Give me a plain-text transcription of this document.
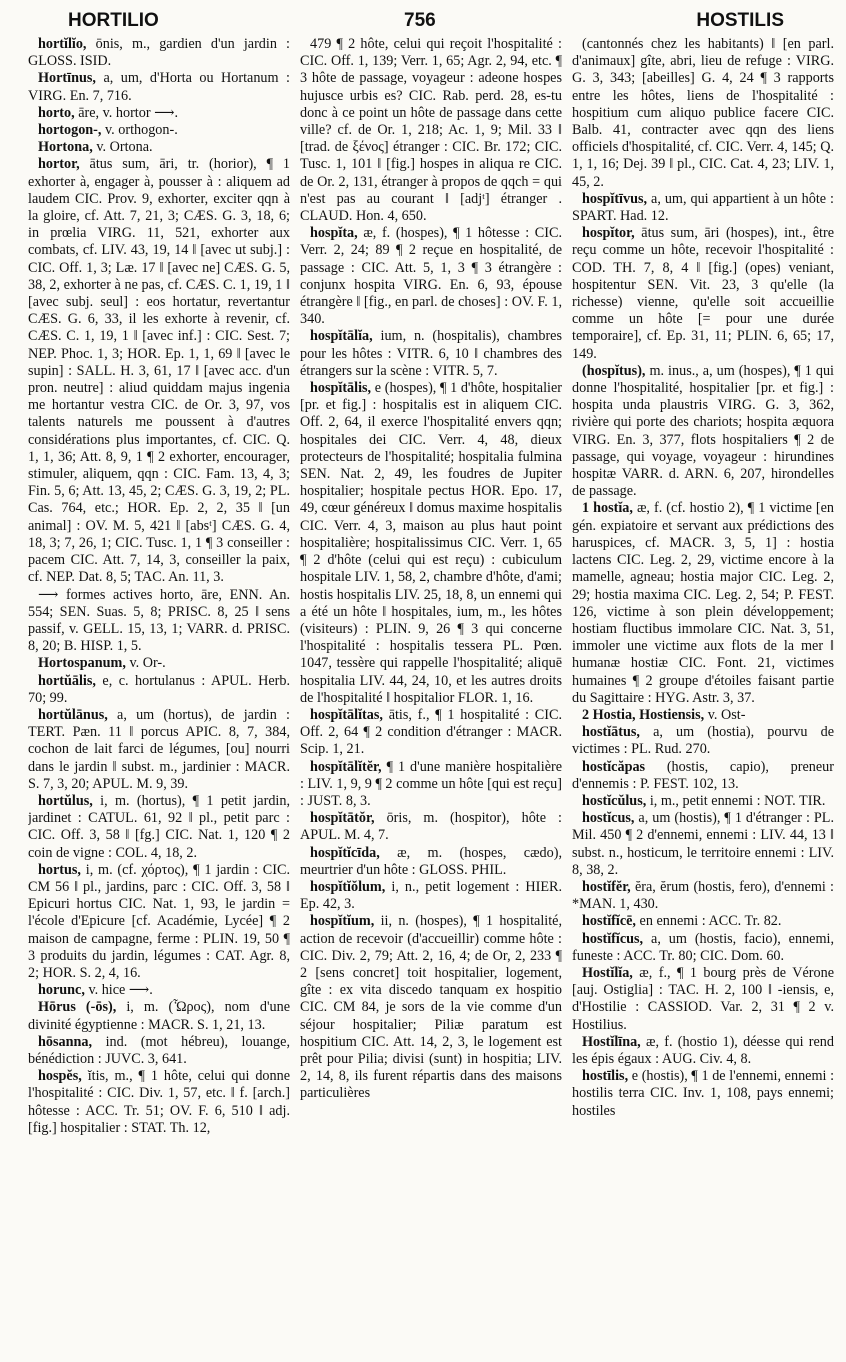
HORTILIO	756	HOSTILIS

hortĭlĭo, ōnis, m., gardien d'un jardin : GLOSS. ISID.

Hortīnus, a, um, d'Horta ou Hortanum : VIRG. En. 7, 716.

horto, āre, v. hortor ⟶.

hortogon-, v. orthogon-.

Hortona, v. Ortona.

hortor, ātus sum, āri, tr. (horior), ¶ 1 exhorter à, engager à, pousser à : aliquem ad laudem CIC. Prov. 9, exhorter, exciter qqn à la gloire, cf. Att. 7, 21, 3; CÆS. G. 3, 18, 6; in prœlia VIRG. 11, 521, exhorter aux combats, cf. LIV. 43, 19, 14 ‖ [avec ut subj.] : CIC. Off. 1, 3; Læ. 17 ‖ [avec ne] CÆS. G. 5, 38, 2, exhorter à ne pas, cf. CÆS. C. 1, 19, 1 ‖ [avec subj. seul] : eos hortatur, revertantur CÆS. G. 6, 33, il les exhorte à revenir, cf. CÆS. C. 1, 19, 1 ‖ [avec inf.] : CIC. Sest. 7; NEP. Phoc. 1, 3; HOR. Ep. 1, 1, 69 ‖ [avec le supin] : SALL. H. 3, 61, 17 ‖ [avec acc. d'un pron. neutre] : aliud quiddam majus ingenia me hortantur vestra CIC. de Or. 3, 97, vos talents naturels me poussent à d'autres considérations plus importantes, cf. CIC. Q. 1, 1, 36; Att. 8, 9, 1 ¶ 2 exhorter, encourager, stimuler, aliquem, qqn : CIC. Fam. 13, 4, 3; Fin. 5, 6; Att. 13, 45, 2; CÆS. G. 3, 19, 2; PL. Cas. 764, etc.; HOR. Ep. 2, 2, 35 ‖ [un animal] : OV. M. 5, 421 ‖ [absᵗ] CÆS. G. 4, 18, 3; 7, 26, 1; CIC. Tusc. 1, 1 ¶ 3 conseiller : pacem CIC. Att. 7, 14, 3, conseiller la paix, cf. NEP. Dat. 8, 5; TAC. An. 11, 3.

⟶ formes actives horto, āre, ENN. An. 554; SEN. Suas. 5, 8; PRISC. 8, 25 ‖ sens passif, v. GELL. 15, 13, 1; VARR. d. PRISC. 8, 20; B. HISP. 1, 5.

Hortospanum, v. Or-.

hortŭālis, e, c. hortulanus : APUL. Herb. 70; 99.

hortŭlānus, a, um (hortus), de jardin : TERT. Pæn. 11 ‖ porcus APIC. 8, 7, 384, cochon de lait farci de légumes, [ou] nourri dans le jardin ‖ subst. m., jardinier : MACR. S. 7, 3, 20; APUL. M. 9, 39.

hortŭlus, i, m. (hortus), ¶ 1 petit jardin, jardinet : CATUL. 61, 92 ‖ pl., petit parc : CIC. Off. 3, 58 ‖ [fg.] CIC. Nat. 1, 120 ¶ 2 coin de vigne : COL. 4, 18, 2.

hortus, i, m. (cf. χόρτος), ¶ 1 jardin : CIC. CM 56 ‖ pl., jardins, parc : CIC. Off. 3, 58 ‖ Epicuri hortus CIC. Nat. 1, 93, le jardin = l'école d'Epicure [cf. Académie, Lycée] ¶ 2 maison de campagne, ferme : PLIN. 19, 50 ¶ 3 produits du jardin, légumes : CAT. Agr. 8, 2; HOR. S. 2, 4, 16.

horunc, v. hice ⟶.

Hōrus (-ōs), i, m. (Ὧρος), nom d'une divinité égyptienne : MACR. S. 1, 21, 13.

hōsanna, ind. (mot hébreu), louange, bénédiction : JUVC. 3, 641.

hospĕs, ĭtis, m., ¶ 1 hôte, celui qui donne l'hospitalité : CIC. Div. 1, 57, etc. ‖ f. [arch.] hôtesse : ACC. Tr. 51; OV. F. 6, 510 ‖ adj. [fig.] hospitalier : STAT. Th. 12,

479 ¶ 2 hôte, celui qui reçoit l'hospitalité : CIC. Off. 1, 139; Verr. 1, 65; Agr. 2, 94, etc. ¶ 3 hôte de passage, voyageur : adeone hospes hujusce urbis es? CIC. Rab. perd. 28, es-tu donc à ce point un hôte de passage dans cette ville? cf. de Or. 1, 218; Ac. 1, 9; Mil. 33 ‖ [trad. de ξένος] étranger : CIC. Br. 172; CIC. Tusc. 1, 101 ‖ [fig.] hospes in aliqua re CIC. de Or. 2, 131, étranger à propos de qqch = qui n'est pas au courant ‖ [adjᵗ] étranger . CLAUD. Hon. 4, 650.

hospĭta, æ, f. (hospes), ¶ 1 hôtesse : CIC. Verr. 2, 24; 89 ¶ 2 reçue en hospitalité, de passage : CIC. Att. 5, 1, 3 ¶ 3 étrangère : conjunx hospita VIRG. En. 6, 93, épouse étrangère ‖ [fig., en parl. de choses] : OV. F. 1, 340.

hospĭtālĭa, ium, n. (hospitalis), chambres pour les hôtes : VITR. 6, 10 ‖ chambres des étrangers sur la scène : VITR. 5, 7.

hospĭtālis, e (hospes), ¶ 1 d'hôte, hospitalier [pr. et fig.] : hospitalis est in aliquem CIC. Off. 2, 64, il exerce l'hospitalité envers qqn; hospitales dei CIC. Verr. 4, 48, dieux protecteurs de l'hospitalité; hospitalia fulmina SEN. Nat. 2, 49, les foudres de Jupiter hospitalier; hospitale pectus HOR. Epo. 17, 49, cœur généreux ‖ domus maxime hospitalis CIC. Verr. 4, 3, maison au plus haut point hospitalière; hospitalissimus CIC. Verr. 1, 65 ¶ 2 d'hôte (celui qui est reçu) : cubiculum hospitale LIV. 1, 58, 2, chambre d'hôte, d'ami; hostis hospitalis LIV. 25, 18, 8, un ennemi qui a été un hôte ‖ hospitales, ium, m., les hôtes (visiteurs) : PLIN. 9, 26 ¶ 3 qui concerne l'hospitalité : hospitalis tessera PL. Pœn. 1047, tessère qui rappelle l'hospitalité; aliquē hospitalia LIV. 44, 24, 10, et les autres droits de l'hospitalité ‖ hospitalior FLOR. 1, 16.

hospĭtālĭtas, ātis, f., ¶ 1 hospitalité : CIC. Off. 2, 64 ¶ 2 condition d'étranger : MACR. Scip. 1, 21.

hospĭtālĭtĕr, ¶ 1 d'une manière hospitalière : LIV. 1, 9, 9 ¶ 2 comme un hôte [qui est reçu] : JUST. 8, 3.

hospĭtātŏr, ōris, m. (hospitor), hôte : APUL. M. 4, 7.

hospĭtĭcīda, æ, m. (hospes, cædo), meurtrier d'un hôte : GLOSS. PHIL.

hospĭtĭŏlum, i, n., petit logement : HIER. Ep. 42, 3.

hospĭtĭum, ii, n. (hospes), ¶ 1 hospitalité, action de recevoir (d'accueillir) comme hôte : CIC. Div. 2, 79; Att. 2, 16, 4; de Or, 2, 233 ¶ 2 [sens concret] toit hospitalier, logement, gîte : ex vita discedo tanquam ex hospitio CIC. CM 84, je sors de la vie comme d'un séjour hospitalier; Piliæ paratum est hospitium CIC. Att. 14, 2, 3, le logement est prêt pour Pilia; divisi (sunt) in hospitia; LIV. 2, 14, 8, ils furent répartis dans des maisons particulières

(cantonnés chez les habitants) ‖ [en parl. d'animaux] gîte, abri, lieu de refuge : VIRG. G. 3, 343; [abeilles] G. 4, 24 ¶ 3 rapports entre les hôtes, liens de l'hospitalité : hospitium cum aliquo publice facere CIC. Balb. 41, contracter avec qqn des liens officiels d'hospitalité, cf. CIC. Verr. 4, 145; Q. 1, 1, 16; Dej. 39 ‖ pl., CIC. Cat. 4, 23; LIV. 1, 45, 2.

hospĭtīvus, a, um, qui appartient à un hôte : SPART. Had. 12.

hospĭtor, ātus sum, āri (hospes), int., être reçu comme un hôte, recevoir l'hospitalité : COD. TH. 7, 8, 4 ‖ [fig.] (opes) veniant, hospitentur SEN. Vit. 23, 3 qu'elle (la richesse) vienne, qu'elle soit accueillie comme un hôte [= pour une durée temporaire], cf. Ep. 31, 11; PLIN. 6, 65; 17, 149.

(hospĭtus), m. inus., a, um (hospes), ¶ 1 qui donne l'hospitalité, hospitalier [pr. et fig.] : hospita unda plaustris VIRG. G. 3, 362, rivière qui porte des chariots; hospita æquora VIRG. En. 3, 377, flots hospitaliers ¶ 2 de passage, qui voyage, voyageur : hirundines hospitæ VARR. d. ARN. 6, 207, hirondelles de passage.

1 hostĭa, æ, f. (cf. hostio 2), ¶ 1 victime [en gén. expiatoire et servant aux prédictions des haruspices, cf. MACR. 3, 5, 1] : hostia lactens CIC. Leg. 2, 29, victime encore à la mamelle, agneau; hostia major CIC. Leg. 2, 29; hostia maxima CIC. Leg. 2, 54; P. FEST. 126, victime à son plein développement; hostiam fluctibus immolare CIC. Nat. 3, 51, immoler une victime aux flots de la mer ‖ humanæ hostiæ CIC. Font. 21, victimes humaines ¶ 2 groupe d'étoiles faisant partie du Sagittaire : HYG. Astr. 3, 37.

2 Hostia, Hostiensis, v. Ost-

hostĭātus, a, um (hostia), pourvu de victimes : PL. Rud. 270.

hostĭcăpas (hostis, capio), preneur d'ennemis : P. FEST. 102, 13.

hostĭcŭlus, i, m., petit ennemi : NOT. TIR.

hostĭcus, a, um (hostis), ¶ 1 d'étranger : PL. Mil. 450 ¶ 2 d'ennemi, ennemi : LIV. 44, 13 ‖ subst. n., hosticum, le territoire ennemi : LIV. 8, 38, 2.

hostĭfĕr, ĕra, ĕrum (hostis, fero), d'ennemi : *MAN. 1, 430.

hostĭfĭcē, en ennemi : ACC. Tr. 82.

hostĭfĭcus, a, um (hostis, facio), ennemi, funeste : ACC. Tr. 80; CIC. Dom. 60.

Hostĭlĭa, æ, f., ¶ 1 bourg près de Vérone [auj. Ostiglia] : TAC. H. 2, 100 ‖ -iensis, e, d'Hostilie : CASSIOD. Var. 2, 31 ¶ 2 v. Hostilius.

Hostĭlīna, æ, f. (hostio 1), déesse qui rend les épis égaux : AUG. Civ. 4, 8.

hostīlis, e (hostis), ¶ 1 de l'ennemi, ennemi : hostilis terra CIC. Inv. 1, 108, pays ennemi; hostiles
